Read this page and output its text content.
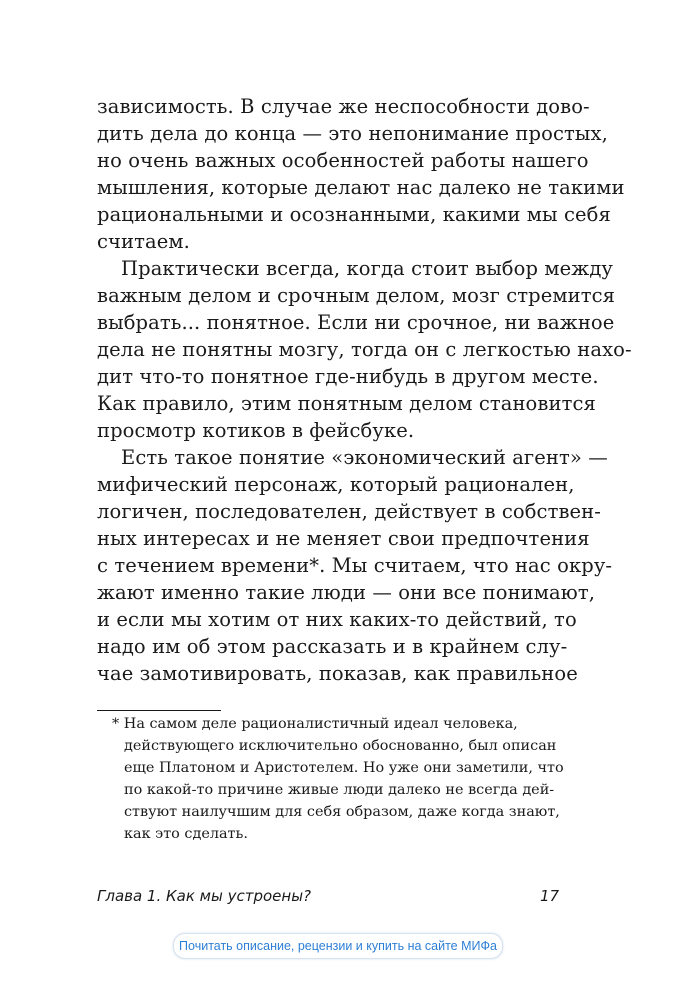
зависимость. В случае же неспособности дово-
дить дела до конца — это непонимание простых,
но очень важных особенностей работы нашего
мышления, которые делают нас далеко не такими
рациональными и осознанными, какими мы себя
считаем.
Практически всегда, когда стоит выбор между
важным делом и срочным делом, мозг стремится
выбрать... понятное. Если ни срочное, ни важное
дела не понятны мозгу, тогда он с легкостью нахо-
дит что-то понятное где-нибудь в другом месте.
Как правило, этим понятным делом становится
просмотр котиков в фейсбуке.
Есть такое понятие «экономический агент» —
мифический персонаж, который рационален,
логичен, последователен, действует в собствен-
ных интересах и не меняет свои предпочтения
с течением времени*. Мы считаем, что нас окру-
жают именно такие люди — они все понимают,
и если мы хотим от них каких-то действий, то
надо им об этом рассказать и в крайнем слу-
чае замотивировать, показав, как правильное
* На самом деле рационалистичный идеал человека,
действующего исключительно обоснованно, был описан
еще Платоном и Аристотелем. Но уже они заметили, что
по какой-то причине живые люди далеко не всегда дей-
ствуют наилучшим для себя образом, даже когда знают,
как это сделать.
Глава 1. Как мы устроены?	17
Почитать описание, рецензии и купить на сайте МИФа
